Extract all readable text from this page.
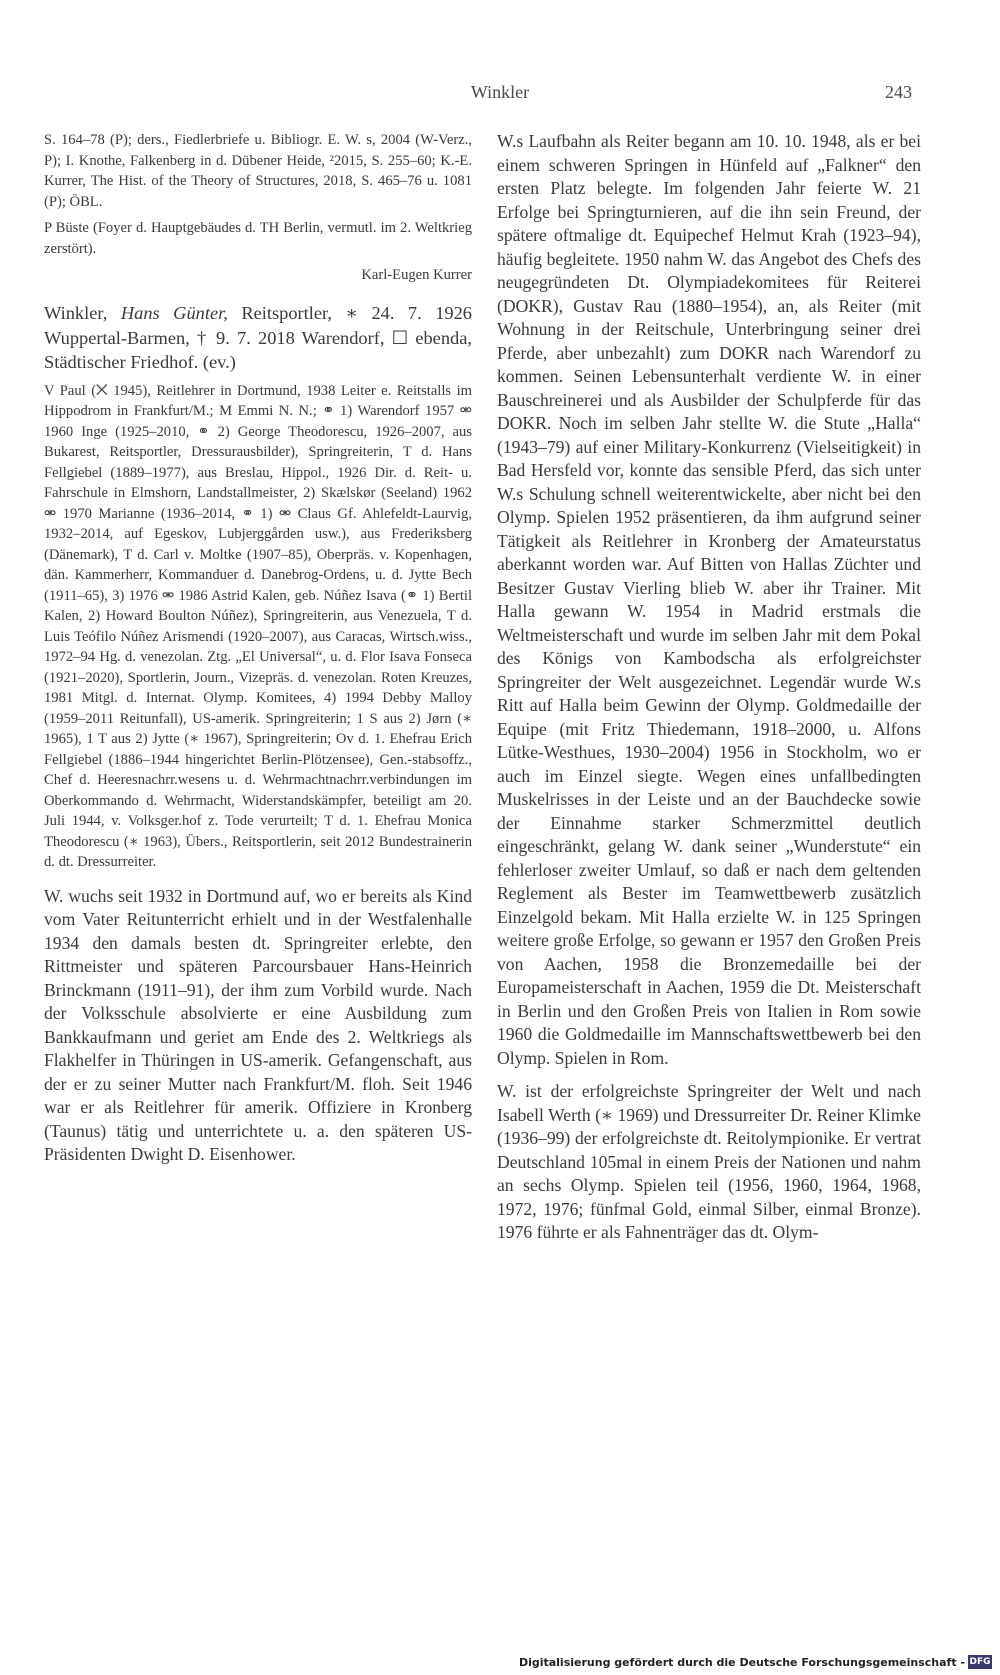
Winkler	243

S. 164–78 (P); ders., Fiedlerbriefe u. Bibliogr. E. W. s, 2004 (W-Verz., P); I. Knothe, Falkenberg in d. Dübener Heide, ²2015, S. 255–60; K.-E. Kurrer, The Hist. of the Theory of Structures, 2018, S. 465–76 u. 1081 (P); ÖBL.

P Büste (Foyer d. Hauptgebäudes d. TH Berlin, vermutl. im 2. Weltkrieg zerstört).

Karl-Eugen Kurrer

Winkler, Hans Günter, Reitsportler, ∗ 24. 7. 1926 Wuppertal-Barmen, † 9. 7. 2018 Warendorf, ☐ ebenda, Städtischer Friedhof. (ev.)

V Paul (⨉ 1945), Reitlehrer in Dortmund, 1938 Leiter e. Reitstalls im Hippodrom in Frankfurt/M.; M Emmi N. N.; ⚭ 1) Warendorf 1957 ⚮ 1960 Inge (1925–2010, ⚭ 2) George Theodorescu, 1926–2007, aus Bukarest, Reitsportler, Dressurausbilder), Springreiterin, T d. Hans Fellgiebel (1889–1977), aus Breslau, Hippol., 1926 Dir. d. Reit- u. Fahrschule in Elmshorn, Landstallmeister, 2) Skælskør (Seeland) 1962 ⚮ 1970 Marianne (1936–2014, ⚭ 1) ⚮ Claus Gf. Ahlefeldt-Laurvig, 1932–2014, auf Egeskov, Lubjerggården usw.), aus Frederiksberg (Dänemark), T d. Carl v. Moltke (1907–85), Oberpräs. v. Kopenhagen, dän. Kammerherr, Kommanduer d. Danebrog-Ordens, u. d. Jytte Bech (1911–65), 3) 1976 ⚮ 1986 Astrid Kalen, geb. Núñez Isava (⚭ 1) Bertil Kalen, 2) Howard Boulton Núñez), Springreiterin, aus Venezuela, T d. Luis Teófilo Núñez Arismendi (1920–2007), aus Caracas, Wirtsch.wiss., 1972–94 Hg. d. venezolan. Ztg. „El Universal“, u. d. Flor Isava Fonseca (1921–2020), Sportlerin, Journ., Vizepräs. d. venezolan. Roten Kreuzes, 1981 Mitgl. d. Internat. Olymp. Komitees, 4) 1994 Debby Malloy (1959–2011 Reitunfall), US-amerik. Springreiterin; 1 S aus 2) Jørn (∗ 1965), 1 T aus 2) Jytte (∗ 1967), Springreiterin; Ov d. 1. Ehefrau Erich Fellgiebel (1886–1944 hingerichtet Berlin-Plötzensee), Gen.-stabsoffz., Chef d. Heeresnachrr.wesens u. d. Wehrmachtnachrr.verbindungen im Oberkommando d. Wehrmacht, Widerstandskämpfer, beteiligt am 20. Juli 1944, v. Volksger.hof z. Tode verurteilt; T d. 1. Ehefrau Monica Theodorescu (∗ 1963), Übers., Reitsportlerin, seit 2012 Bundestrainerin d. dt. Dressurreiter.

W. wuchs seit 1932 in Dortmund auf, wo er bereits als Kind vom Vater Reitunterricht erhielt und in der Westfalenhalle 1934 den damals besten dt. Springreiter erlebte, den Rittmeister und späteren Parcoursbauer Hans-Heinrich Brinckmann (1911–91), der ihm zum Vorbild wurde. Nach der Volksschule absolvierte er eine Ausbildung zum Bankkaufmann und geriet am Ende des 2. Weltkriegs als Flakhelfer in Thüringen in US-amerik. Gefangenschaft, aus der er zu seiner Mutter nach Frankfurt/M. floh. Seit 1946 war er als Reitlehrer für amerik. Offiziere in Kronberg (Taunus) tätig und unterrichtete u. a. den späteren US-Präsidenten Dwight D. Eisenhower.

W.s Laufbahn als Reiter begann am 10. 10. 1948, als er bei einem schweren Springen in Hünfeld auf „Falkner“ den ersten Platz belegte. Im folgenden Jahr feierte W. 21 Erfolge bei Springturnieren, auf die ihn sein Freund, der spätere oftmalige dt. Equipechef Helmut Krah (1923–94), häufig begleitete. 1950 nahm W. das Angebot des Chefs des neugegründeten Dt. Olympiadekomitees für Reiterei (DOKR), Gustav Rau (1880–1954), an, als Reiter (mit Wohnung in der Reitschule, Unterbringung seiner drei Pferde, aber unbezahlt) zum DOKR nach Warendorf zu kommen. Seinen Lebensunterhalt verdiente W. in einer Bauschreinerei und als Ausbilder der Schulpferde für das DOKR. Noch im selben Jahr stellte W. die Stute „Halla“ (1943–79) auf einer Military-Konkurrenz (Vielseitigkeit) in Bad Hersfeld vor, konnte das sensible Pferd, das sich unter W.s Schulung schnell weiterentwickelte, aber nicht bei den Olymp. Spielen 1952 präsentieren, da ihm aufgrund seiner Tätigkeit als Reitlehrer in Kronberg der Amateurstatus aberkannt worden war. Auf Bitten von Hallas Züchter und Besitzer Gustav Vierling blieb W. aber ihr Trainer. Mit Halla gewann W. 1954 in Madrid erstmals die Weltmeisterschaft und wurde im selben Jahr mit dem Pokal des Königs von Kambodscha als erfolgreichster Springreiter der Welt ausgezeichnet. Legendär wurde W.s Ritt auf Halla beim Gewinn der Olymp. Goldmedaille der Equipe (mit Fritz Thiedemann, 1918–2000, u. Alfons Lütke-Westhues, 1930–2004) 1956 in Stockholm, wo er auch im Einzel siegte. Wegen eines unfallbedingten Muskelrisses in der Leiste und an der Bauchdecke sowie der Einnahme starker Schmerzmittel deutlich eingeschränkt, gelang W. dank seiner „Wunderstute“ ein fehlerloser zweiter Umlauf, so daß er nach dem geltenden Reglement als Bester im Teamwettbewerb zusätzlich Einzelgold bekam. Mit Halla erzielte W. in 125 Springen weitere große Erfolge, so gewann er 1957 den Großen Preis von Aachen, 1958 die Bronzemedaille bei der Europameisterschaft in Aachen, 1959 die Dt. Meisterschaft in Berlin und den Großen Preis von Italien in Rom sowie 1960 die Goldmedaille im Mannschaftswettbewerb bei den Olymp. Spielen in Rom.

W. ist der erfolgreichste Springreiter der Welt und nach Isabell Werth (∗ 1969) und Dressurreiter Dr. Reiner Klimke (1936–99) der erfolgreichste dt. Reitolympionike. Er vertrat Deutschland 105mal in einem Preis der Nationen und nahm an sechs Olymp. Spielen teil (1956, 1960, 1964, 1968, 1972, 1976; fünfmal Gold, einmal Silber, einmal Bronze). 1976 führte er als Fahnenträger das dt. Olym-

Digitalisierung gefördert durch die Deutsche Forschungsgemeinschaft - DFG
